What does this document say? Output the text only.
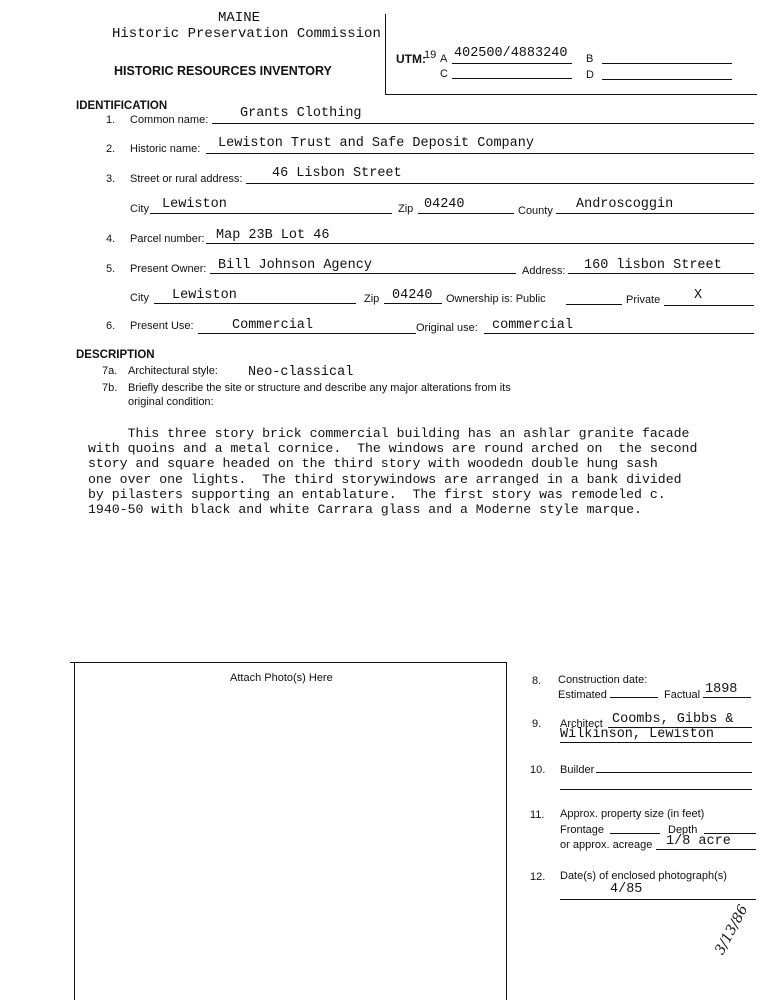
MAINE
Historic Preservation Commission
HISTORIC RESOURCES INVENTORY
UTM:
19 A 402500/4883240 B
C	D
IDENTIFICATION
1. Common name: Grants Clothing
2. Historic name: Lewiston Trust and Safe Deposit Company
3. Street or rural address: 46 Lisbon Street
City Lewiston	Zip 04240	County Androscoggin
4. Parcel number: Map 23B Lot 46
5. Present Owner: Bill Johnson Agency	Address: 160 lisbon Street
City Lewiston	Zip 04240 Ownership is: Public	Private	X
6. Present Use:	Commercial	Original use: commercial
DESCRIPTION
7a. Architectural style: Neo-classical
7b. Briefly describe the site or structure and describe any major alterations from its
original condition:
This three story brick commercial building has an ashlar granite facade
with quoins and a metal cornice.  The windows are round arched on  the second
story and square headed on the third story with woodedn double hung sash
one over one lights.  The third storywindows are arranged in a bank divided
by pilasters supporting an entablature.  The first story was remodeled c.
1940-50 with black and white Carrara glass and a Moderne style marque.
Attach Photo(s) Here	8. Construction date:
Estimated	Factual 1898
9. Architect Coombs, Gibbs &
Wilkinson, Lewiston
10. Builder
11. Approx. property size (in feet)
Frontage	Depth
or approx. acreage 1/8 acre
12. Date(s) of enclosed photograph(s)
4/85
3/13/86
